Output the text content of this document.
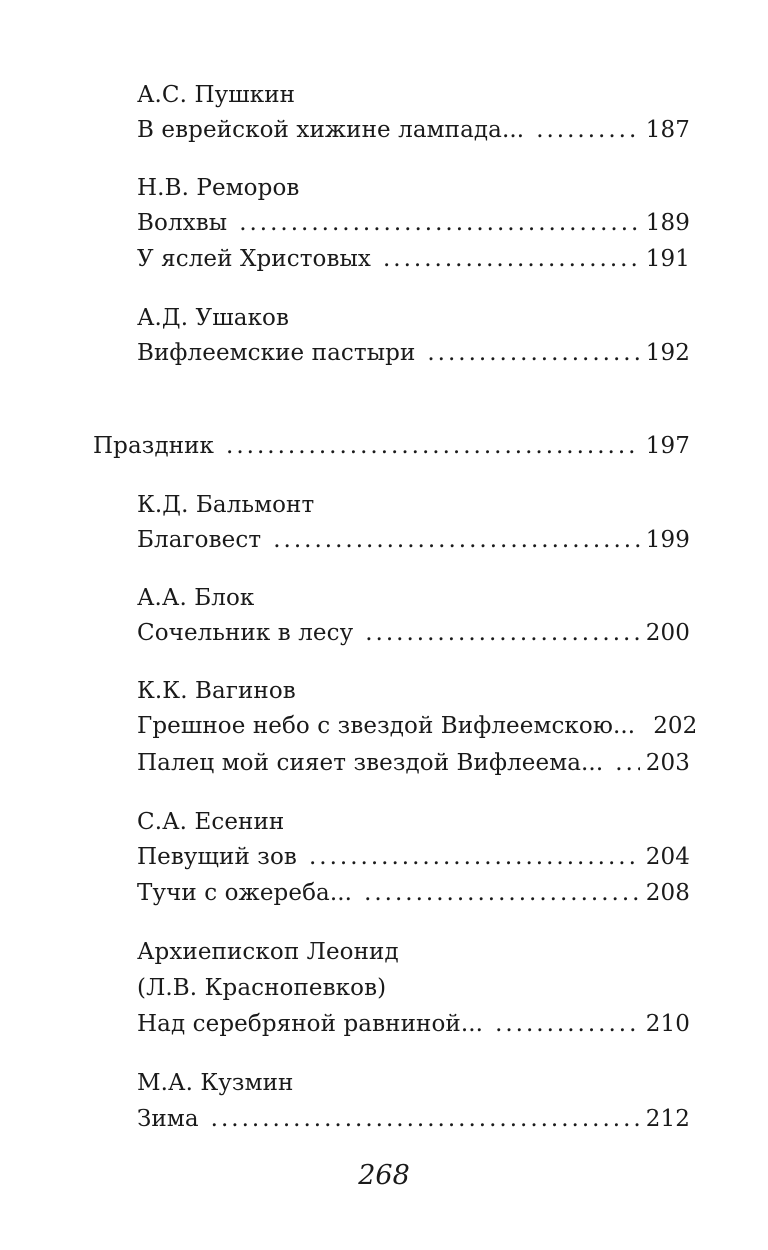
А.С. Пушкин
В еврейской хижине лампада... .....	187
Н.В. Реморов
Волхвы .....	189
У яслей Христовых .....	191
А.Д. Ушаков
Вифлеемские пастыри .....	192
Праздник .....	197
К.Д. Бальмонт
Благовест .....	199
А.А. Блок
Сочельник в лесу .....	200
К.К. Вагинов
Грешное небо с звездой Вифлеемскою... 202
Палец мой сияет звездой Вифлеема... ..... 203
С.А. Есенин
Певущий зов .....	204
Тучи с ожереба... .....	208
Архиепископ Леонид
(Л.В. Краснопевков)
Над серебряной равниной... .....	210
М.А. Кузмин
Зима .....	212
268
